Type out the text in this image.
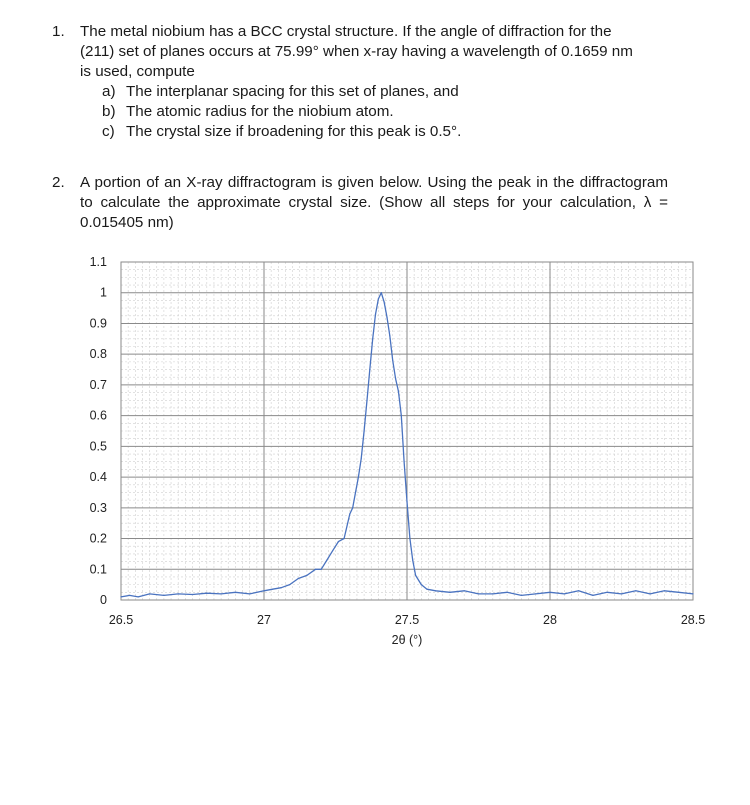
1. The metal niobium has a BCC crystal structure. If the angle of diffraction for the
(211) set of planes occurs at 75.99° when x-ray having a wavelength of 0.1659 nm
is used, compute
a) The interplanar spacing for this set of planes, and
b) The atomic radius for the niobium atom.
c) The crystal size if broadening for this peak is 0.5°.
2. A portion of an X-ray diffractogram is given below. Using the peak in the diffractogram to calculate the approximate crystal size. (Show all steps for your calculation, λ = 0.015405 nm)
0
0.1
0.2
0.3
0.4
0.5
0.6
0.7
0.8
0.9
1
1.1
26.5	27	27.5	28	28.5
2θ (°)
